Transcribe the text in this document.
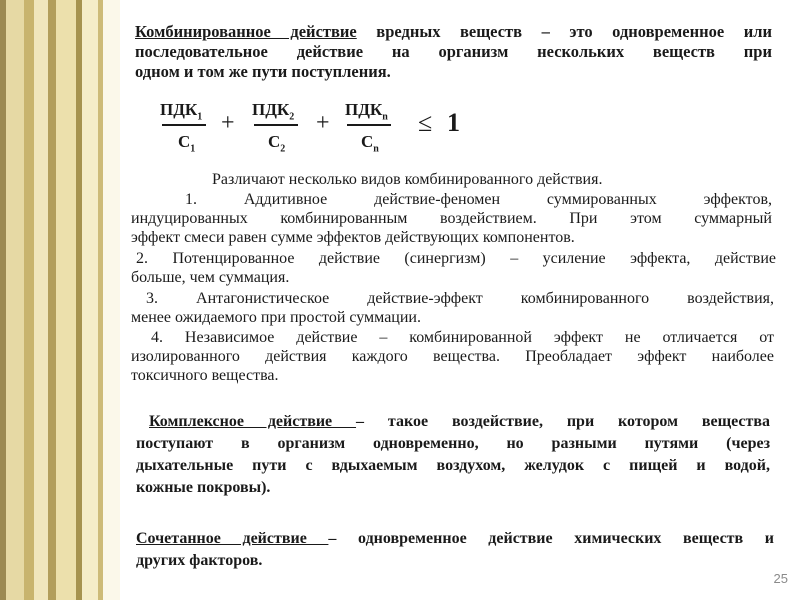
Комбинированное действие вредных веществ – это одновременное или
последовательное действие на организм нескольких веществ при
одном и том же пути поступления.
$ПДК_1$
$С_1$
+
$ПДК_2$
$С_2$
+
$ПДК_n$
$С_n$
≤ 1
Различают несколько видов комбинированного действия.
1. Аддитивное действие-феномен суммированных эффектов,
индуцированных комбинированным воздействием. При этом суммарный
эффект смеси равен сумме эффектов действующих компонентов.
2. Потенцированное действие (синергизм) – усиление эффекта, действие
больше, чем суммация.
3. Антагонистическое действие-эффект комбинированного воздействия,
менее ожидаемого при простой суммации.
4. Независимое действие – комбинированной эффект не отличается от
изолированного действия каждого вещества. Преобладает эффект наиболее
токсичного вещества.
Комплексное действие – такое воздействие, при котором вещества
поступают в организм одновременно, но разными путями (через
дыхательные пути с вдыхаемым воздухом, желудок с пищей и водой,
кожные покровы).
Сочетанное действие – одновременное действие химических веществ и
других факторов.
25
